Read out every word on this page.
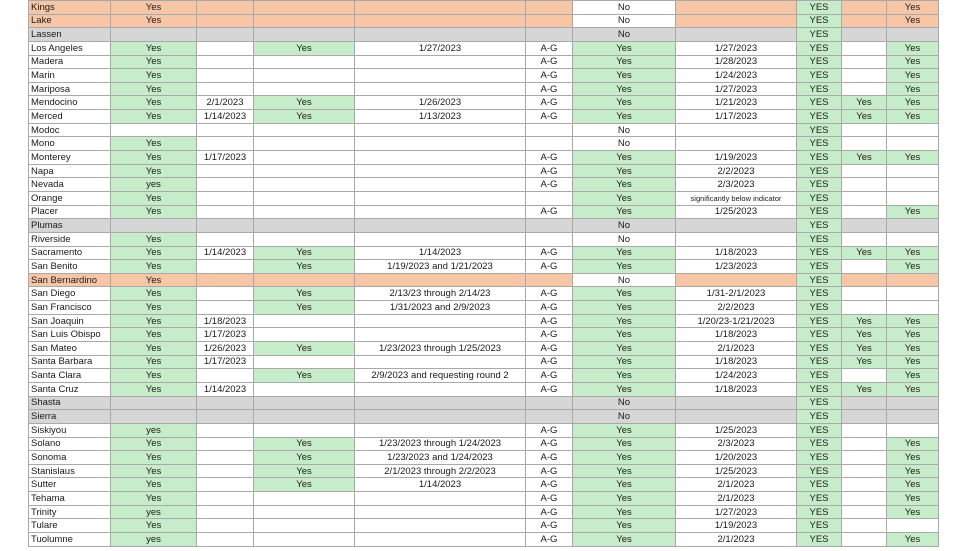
Kings	Yes					No		YES		Yes
Lake	Yes					No		YES		Yes
Lassen						No		YES		
Los Angeles	Yes		Yes	1/27/2023	A-G	Yes	1/27/2023	YES		Yes
Madera	Yes				A-G	Yes	1/28/2023	YES		Yes
Marin	Yes				A-G	Yes	1/24/2023	YES		Yes
Mariposa	Yes				A-G	Yes	1/27/2023	YES		Yes
Mendocino	Yes	2/1/2023	Yes	1/26/2023	A-G	Yes	1/21/2023	YES	Yes	Yes
Merced	Yes	1/14/2023	Yes	1/13/2023	A-G	Yes	1/17/2023	YES	Yes	Yes
Modoc						No		YES		
Mono	Yes					No		YES		
Monterey	Yes	1/17/2023			A-G	Yes	1/19/2023	YES	Yes	Yes
Napa	Yes				A-G	Yes	2/2/2023	YES		
Nevada	yes				A-G	Yes	2/3/2023	YES		
Orange	Yes					Yes	significantly below indicator	YES		
Placer	Yes				A-G	Yes	1/25/2023	YES		Yes
Plumas						No		YES		
Riverside	Yes					No		YES		
Sacramento	Yes	1/14/2023	Yes	1/14/2023	A-G	Yes	1/18/2023	YES	Yes	Yes
San Benito	Yes		Yes	1/19/2023 and 1/21/2023	A-G	Yes	1/23/2023	YES		Yes
San Bernardino	Yes					No		YES		
San Diego	Yes		Yes	2/13/23 through 2/14/23	A-G	Yes	1/31-2/1/2023	YES		
San Francisco	Yes		Yes	1/31/2023 and 2/9/2023	A-G	Yes	2/2/2023	YES		
San Joaquin	Yes	1/18/2023			A-G	Yes	1/20/23-1/21/2023	YES	Yes	Yes
San Luis Obispo	Yes	1/17/2023			A-G	Yes	1/18/2023	YES	Yes	Yes
San Mateo	Yes	1/26/2023	Yes	1/23/2023 through 1/25/2023	A-G	Yes	2/1/2023	YES	Yes	Yes
Santa Barbara	Yes	1/17/2023			A-G	Yes	1/18/2023	YES	Yes	Yes
Santa Clara	Yes		Yes	2/9/2023 and requesting round 2	A-G	Yes	1/24/2023	YES		Yes
Santa Cruz	Yes	1/14/2023			A-G	Yes	1/18/2023	YES	Yes	Yes
Shasta						No		YES		
Sierra						No		YES		
Siskiyou	yes				A-G	Yes	1/25/2023	YES		
Solano	Yes		Yes	1/23/2023 through 1/24/2023	A-G	Yes	2/3/2023	YES		Yes
Sonoma	Yes		Yes	1/23/2023 and 1/24/2023	A-G	Yes	1/20/2023	YES		Yes
Stanislaus	Yes		Yes	2/1/2023 through 2/2/2023	A-G	Yes	1/25/2023	YES		Yes
Sutter	Yes		Yes	1/14/2023	A-G	Yes	2/1/2023	YES		Yes
Tehama	Yes				A-G	Yes	2/1/2023	YES		Yes
Trinity	yes				A-G	Yes	1/27/2023	YES		Yes
Tulare	Yes				A-G	Yes	1/19/2023	YES		
Tuolumne	yes				A-G	Yes	2/1/2023	YES		Yes
